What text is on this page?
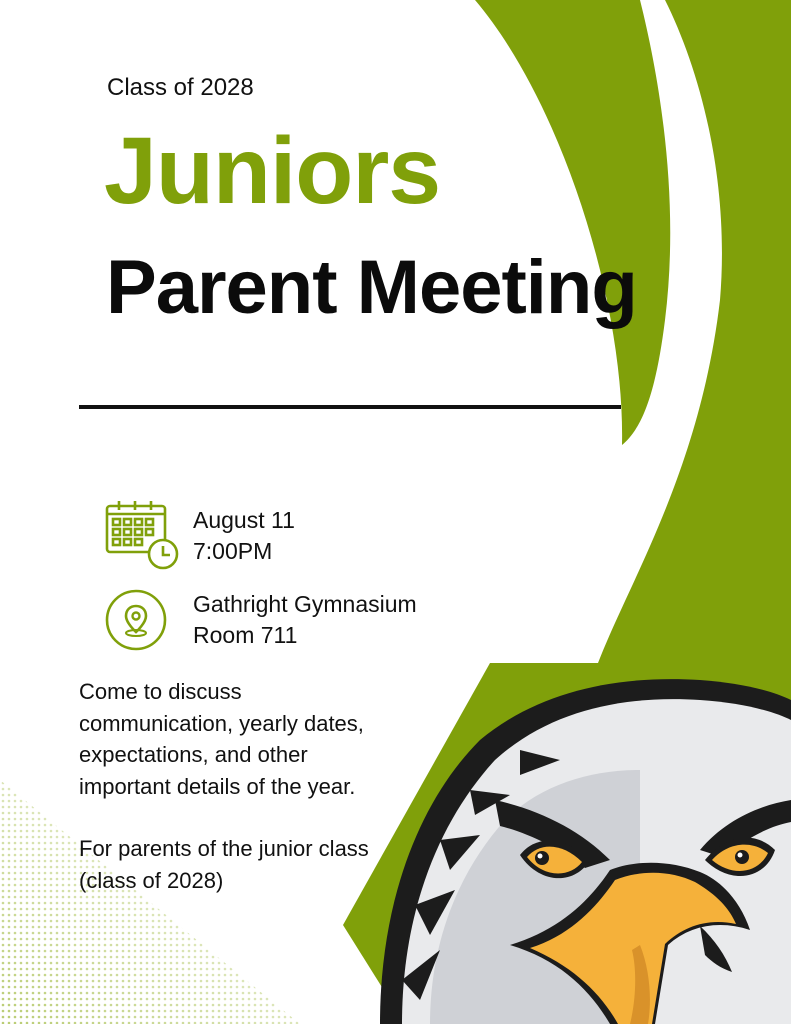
Class of 2028
Juniors
Parent Meeting
August 11
7:00PM
Gathright Gymnasium
Room 711

Come to discuss communication, yearly dates, expectations, and other important details of the year.

For parents of the junior class
(class of 2028)
